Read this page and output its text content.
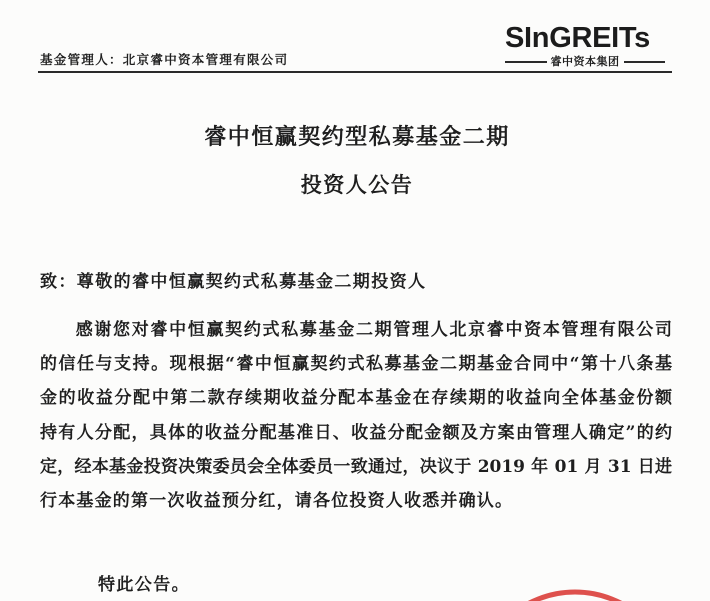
基金管理人：北京睿中资本管理有限公司
SInGREITs
睿中资本集团
睿中恒赢契约型私募基金二期
投资人公告
致：尊敬的睿中恒赢契约式私募基金二期投资人
感谢您对睿中恒赢契约式私募基金二期管理人北京睿中资本管理有限公司
的信任与支持。现根据“睿中恒赢契约式私募基金二期基金合同中“第十八条基
金的收益分配中第二款存续期收益分配本基金在存续期的收益向全体基金份额
持有人分配，具体的收益分配基准日、收益分配金额及方案由管理人确定”的约
定，经本基金投资决策委员会全体委员一致通过，决议于 2019 年 01 月 31 日进
行本基金的第一次收益预分红，请各位投资人收悉并确认。
特此公告。
